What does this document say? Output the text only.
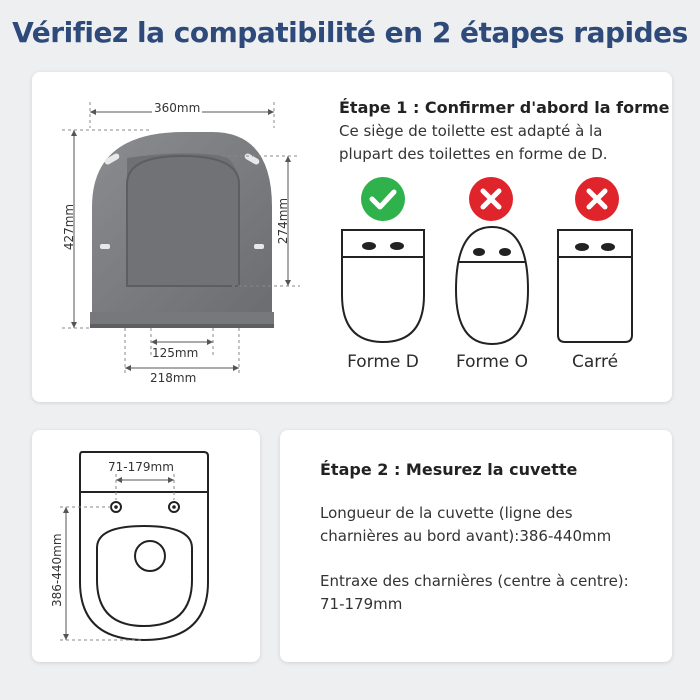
Vérifiez la compatibilité en 2 étapes rapides
360mm
427mm	274mm
125mm
218mm
Étape 1 : Confirmer d'abord la forme
Ce siège de toilette est adapté à la
plupart des toilettes en forme de D.
Forme D	Forme O	Carré
71-179mm
386-440mm
Étape 2 : Mesurez la cuvette
Longueur de la cuvette (ligne des
charnières au bord avant):386-440mm
Entraxe des charnières (centre à centre):
71-179mm
